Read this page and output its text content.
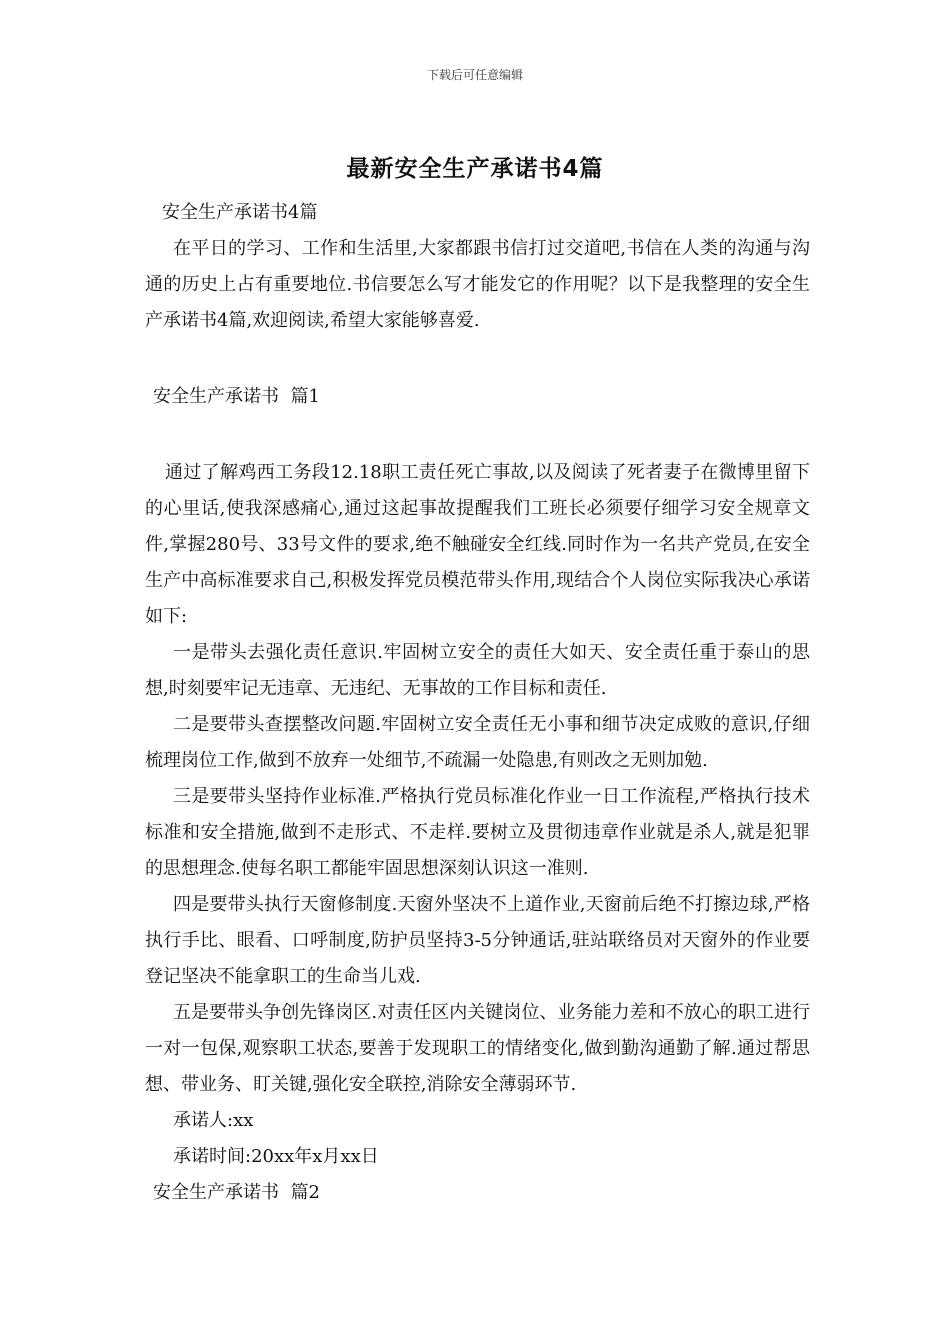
下载后可任意编辑
最新安全生产承诺书4篇

安全生产承诺书4篇

在平日的学习、工作和生活里,大家都跟书信打过交道吧,书信在人类的沟通与沟通的历史上占有重要地位.书信要怎么写才能发它的作用呢？以下是我整理的安全生产承诺书4篇,欢迎阅读,希望大家能够喜爱.

安全生产承诺书  篇1

通过了解鸡西工务段12.18职工责任死亡事故,以及阅读了死者妻子在微博里留下的心里话,使我深感痛心,通过这起事故提醒我们工班长必须要仔细学习安全规章文件,掌握280号、33号文件的要求,绝不触碰安全红线.同时作为一名共产党员,在安全生产中高标准要求自己,积极发挥党员模范带头作用,现结合个人岗位实际我决心承诺如下:

一是带头去强化责任意识.牢固树立安全的责任大如天、安全责任重于泰山的思想,时刻要牢记无违章、无违纪、无事故的工作目标和责任.

二是要带头查摆整改问题.牢固树立安全责任无小事和细节决定成败的意识,仔细梳理岗位工作,做到不放弃一处细节,不疏漏一处隐患,有则改之无则加勉.

三是要带头坚持作业标准.严格执行党员标准化作业一日工作流程,严格执行技术标准和安全措施,做到不走形式、不走样.要树立及贯彻违章作业就是杀人,就是犯罪的思想理念.使每名职工都能牢固思想深刻认识这一准则.

四是要带头执行天窗修制度.天窗外坚决不上道作业,天窗前后绝不打擦边球,严格执行手比、眼看、口呼制度,防护员坚持3-5分钟通话,驻站联络员对天窗外的作业要登记坚决不能拿职工的生命当儿戏.

五是要带头争创先锋岗区.对责任区内关键岗位、业务能力差和不放心的职工进行一对一包保,观察职工状态,要善于发现职工的情绪变化,做到勤沟通勤了解.通过帮思想、带业务、盯关键,强化安全联控,消除安全薄弱环节.

承诺人:xx

承诺时间:20xx年x月xx日

安全生产承诺书  篇2
